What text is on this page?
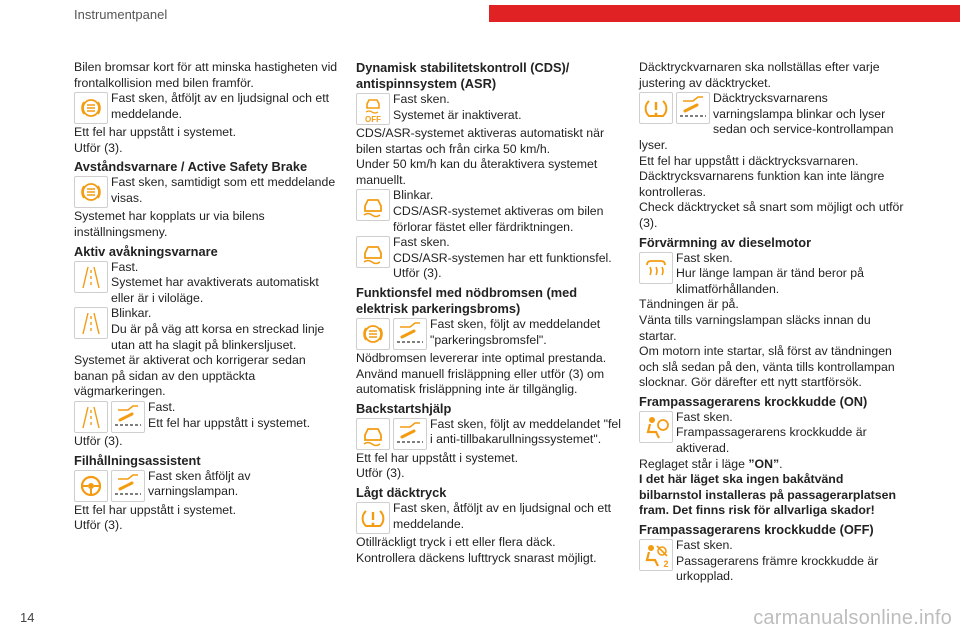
Instrumentpanel

Bilen bromsar kort för att minska hastigheten vid frontalkollision med bilen framför.

Fast sken, åtföljt av en ljudsignal och ett meddelande.

Ett fel har uppstått i systemet.

Utför (3).

Avståndsvarnare / Active Safety Brake

Fast sken, samtidigt som ett meddelande visas.

Systemet har kopplats ur via bilens inställningsmeny.

Aktiv avåkningsvarnare

Fast.

Systemet har avaktiverats automatiskt eller är i viloläge.

Blinkar.

Du är på väg att korsa en streckad linje utan att ha slagit på blinkersljuset.

Systemet är aktiverat och korrigerar sedan banan på sidan av den upptäckta vägmarkeringen.

Fast.

Ett fel har uppstått i systemet.

Utför (3).

Filhållningsassistent

Fast sken åtföljt av varningslampan.

Ett fel har uppstått i systemet.

Utför (3).

Dynamisk stabilitetskontroll (CDS)/ antispinnsystem (ASR)

OFF

Fast sken.

Systemet är inaktiverat.

CDS/ASR-systemet aktiveras automatiskt när bilen startas och från cirka 50 km/h.

Under 50 km/h kan du återaktivera systemet manuellt.

Blinkar.

CDS/ASR-systemet aktiveras om bilen förlorar fästet eller färdriktningen.

Fast sken.

CDS/ASR-systemen har ett funktionsfel. Utför (3).

Funktionsfel med nödbromsen (med elektrisk parkeringsbroms)

Fast sken, följt av meddelandet "parkeringsbromsfel".

Nödbromsen levererar inte optimal prestanda.

Använd manuell frisläppning eller utför (3) om automatisk frisläppning inte är tillgänglig.

Backstartshjälp

Fast sken, följt av meddelandet "fel i anti-tillbakarullningssystemet".

Ett fel har uppstått i systemet.

Utför (3).

Lågt däcktryck

Fast sken, åtföljt av en ljudsignal och ett meddelande.

Otillräckligt tryck i ett eller flera däck.

Kontrollera däckens lufttryck snarast möjligt.

Däcktryckvarnaren ska nollställas efter varje justering av däcktrycket.

Däcktrycksvarnarens varningslampa blinkar och lyser sedan och service-kontrollampan lyser.

Ett fel har uppstått i däcktrycksvarnaren.

Däcktrycksvarnarens funktion kan inte längre kontrolleras.

Check däcktrycket så snart som möjligt och utför (3).

Förvärmning av dieselmotor

Fast sken.

Hur länge lampan är tänd beror på klimatförhållanden.

Tändningen är på.

Vänta tills varningslampan släcks innan du startar.

Om motorn inte startar, slå först av tändningen och slå sedan på den, vänta tills kontrollampan slocknar. Gör därefter ett nytt startförsök.

Frampassagerarens krockkudde (ON)

Fast sken.

Frampassagerarens krockkudde är aktiverad.

Reglaget står i läge ”ON”.

I det här läget ska ingen bakåtvänd bilbarnstol installeras på passagerarplatsen fram. Det finns risk för allvarliga skador!

Frampassagerarens krockkudde (OFF)

2

Fast sken.

Passagerarens främre krockkudde är urkopplad.

14	carmanualsonline.info
